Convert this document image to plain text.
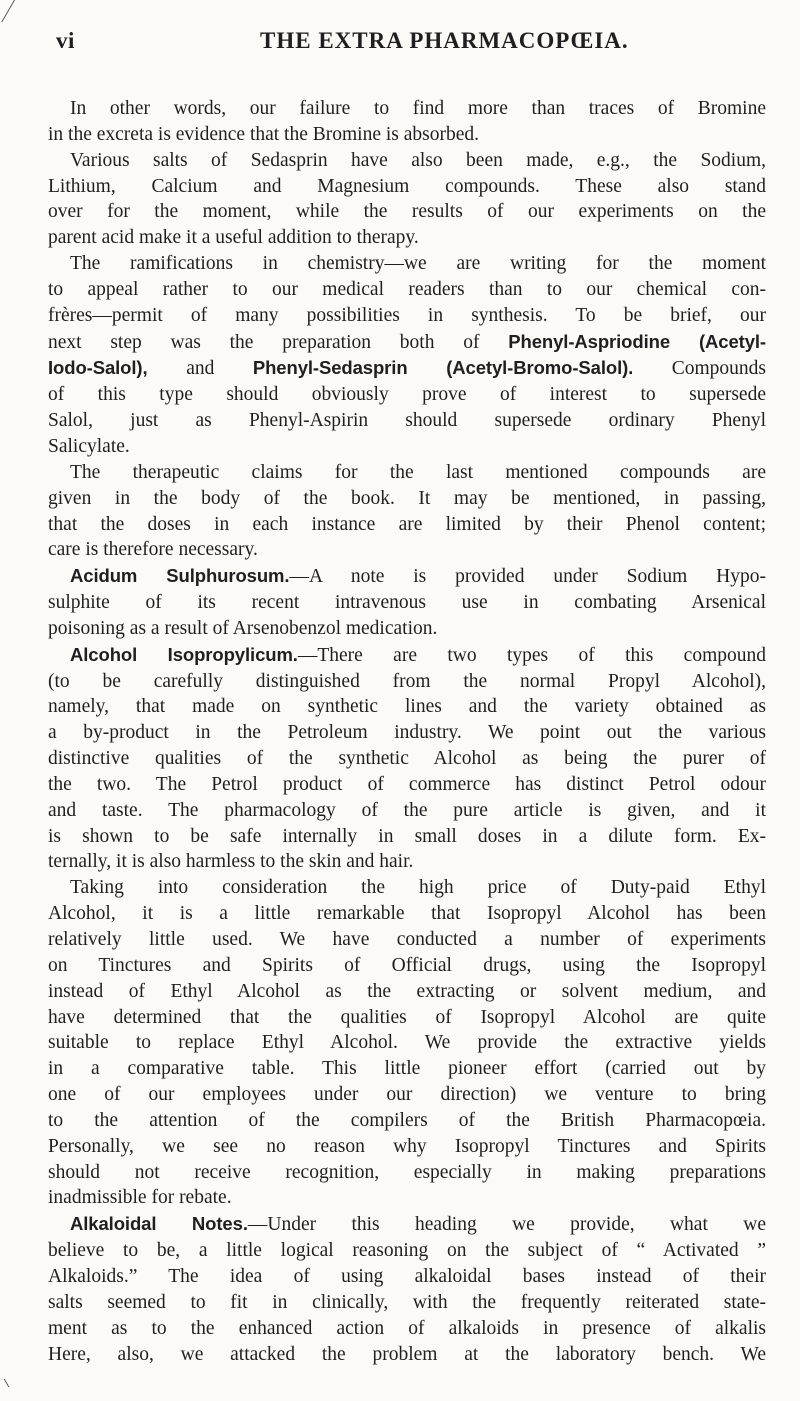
vi	THE EXTRA PHARMACOPŒIA.
In other words, our failure to find more than traces of Bromine
in the excreta is evidence that the Bromine is absorbed.
Various salts of Sedasprin have also been made, e.g., the Sodium,
Lithium, Calcium and Magnesium compounds. These also stand
over for the moment, while the results of our experiments on the
parent acid make it a useful addition to therapy.
The ramifications in chemistry—we are writing for the moment
to appeal rather to our medical readers than to our chemical con-
frères—permit of many possibilities in synthesis. To be brief, our
next step was the preparation both of Phenyl-Aspriodine (Acetyl-
Iodo-Salol), and Phenyl-Sedasprin (Acetyl-Bromo-Salol). Compounds
of this type should obviously prove of interest to supersede
Salol, just as Phenyl-Aspirin should supersede ordinary Phenyl
Salicylate.
The therapeutic claims for the last mentioned compounds are
given in the body of the book. It may be mentioned, in passing,
that the doses in each instance are limited by their Phenol content;
care is therefore necessary.
Acidum Sulphurosum.—A note is provided under Sodium Hypo-
sulphite of its recent intravenous use in combating Arsenical
poisoning as a result of Arsenobenzol medication.
Alcohol Isopropylicum.—There are two types of this compound
(to be carefully distinguished from the normal Propyl Alcohol),
namely, that made on synthetic lines and the variety obtained as
a by-product in the Petroleum industry. We point out the various
distinctive qualities of the synthetic Alcohol as being the purer of
the two. The Petrol product of commerce has distinct Petrol odour
and taste. The pharmacology of the pure article is given, and it
is shown to be safe internally in small doses in a dilute form. Ex-
ternally, it is also harmless to the skin and hair.
Taking into consideration the high price of Duty-paid Ethyl
Alcohol, it is a little remarkable that Isopropyl Alcohol has been
relatively little used. We have conducted a number of experiments
on Tinctures and Spirits of Official drugs, using the Isopropyl
instead of Ethyl Alcohol as the extracting or solvent medium, and
have determined that the qualities of Isopropyl Alcohol are quite
suitable to replace Ethyl Alcohol. We provide the extractive yields
in a comparative table. This little pioneer effort (carried out by
one of our employees under our direction) we venture to bring
to the attention of the compilers of the British Pharmacopœia.
Personally, we see no reason why Isopropyl Tinctures and Spirits
should not receive recognition, especially in making preparations
inadmissible for rebate.
Alkaloidal Notes.—Under this heading we provide, what we
believe to be, a little logical reasoning on the subject of “ Activated ”
Alkaloids.” The idea of using alkaloidal bases instead of their
salts seemed to fit in clinically, with the frequently reiterated state-
ment as to the enhanced action of alkaloids in presence of alkalis
Here, also, we attacked the problem at the laboratory bench. We
